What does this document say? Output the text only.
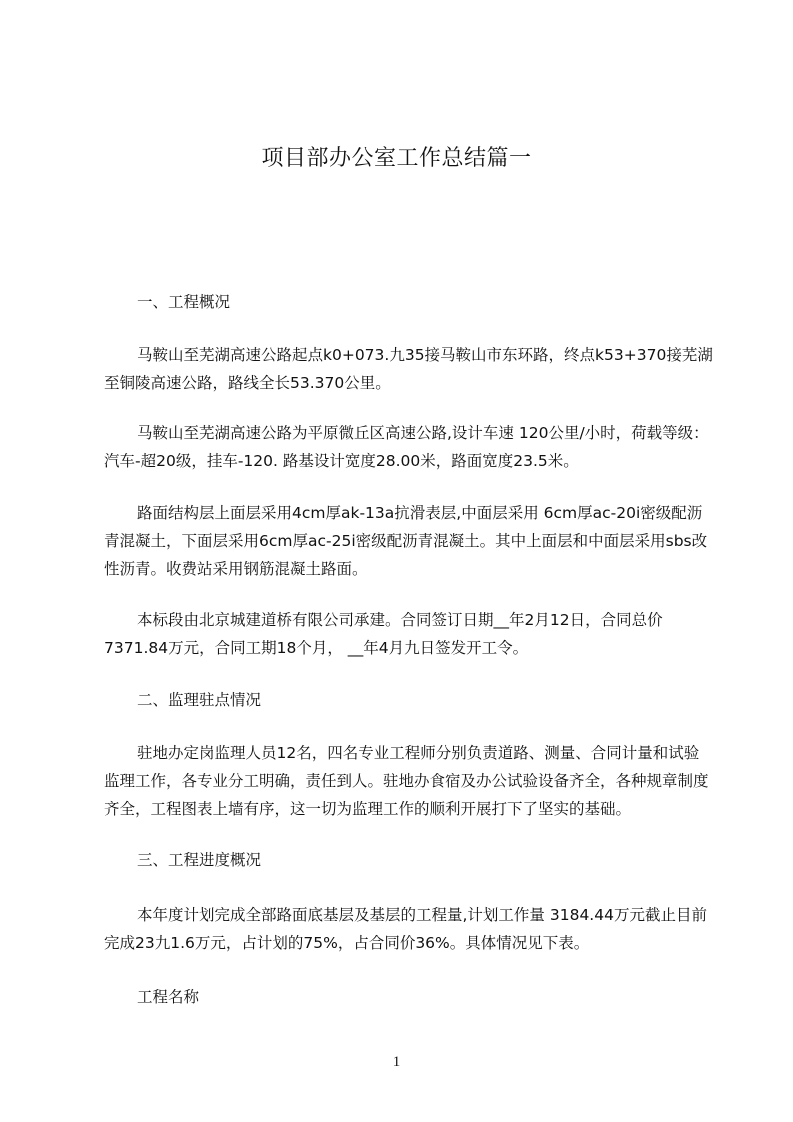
项目部办公室工作总结篇一
一、工程概况
马鞍山至芜湖高速公路起点k0+073.九35接马鞍山市东环路，终点k53+370接芜湖至铜陵高速公路，路线全长53.370公里。
马鞍山至芜湖高速公路为平原微丘区高速公路,设计车速 120公里/小时，荷载等级：汽车-超20级，挂车-120. 路基设计宽度28.00米，路面宽度23.5米。
路面结构层上面层采用4cm厚ak-13a抗滑表层,中面层采用 6cm厚ac-20i密级配沥青混凝土，下面层采用6cm厚ac-25i密级配沥青混凝土。其中上面层和中面层采用sbs改性沥青。收费站采用钢筋混凝土路面。
本标段由北京城建道桥有限公司承建。合同签订日期__年2月12日，合同总价7371.84万元，合同工期18个月， __年4月九日签发开工令。
二、监理驻点情况
驻地办定岗监理人员12名，四名专业工程师分别负责道路、测量、合同计量和试验监理工作，各专业分工明确，责任到人。驻地办食宿及办公试验设备齐全，各种规章制度齐全，工程图表上墙有序，这一切为监理工作的顺利开展打下了坚实的基础。
三、工程进度概况
本年度计划完成全部路面底基层及基层的工程量,计划工作量 3184.44万元截止目前完成23九1.6万元，占计划的75%，占合同价36%。具体情况见下表。
工程名称
1
